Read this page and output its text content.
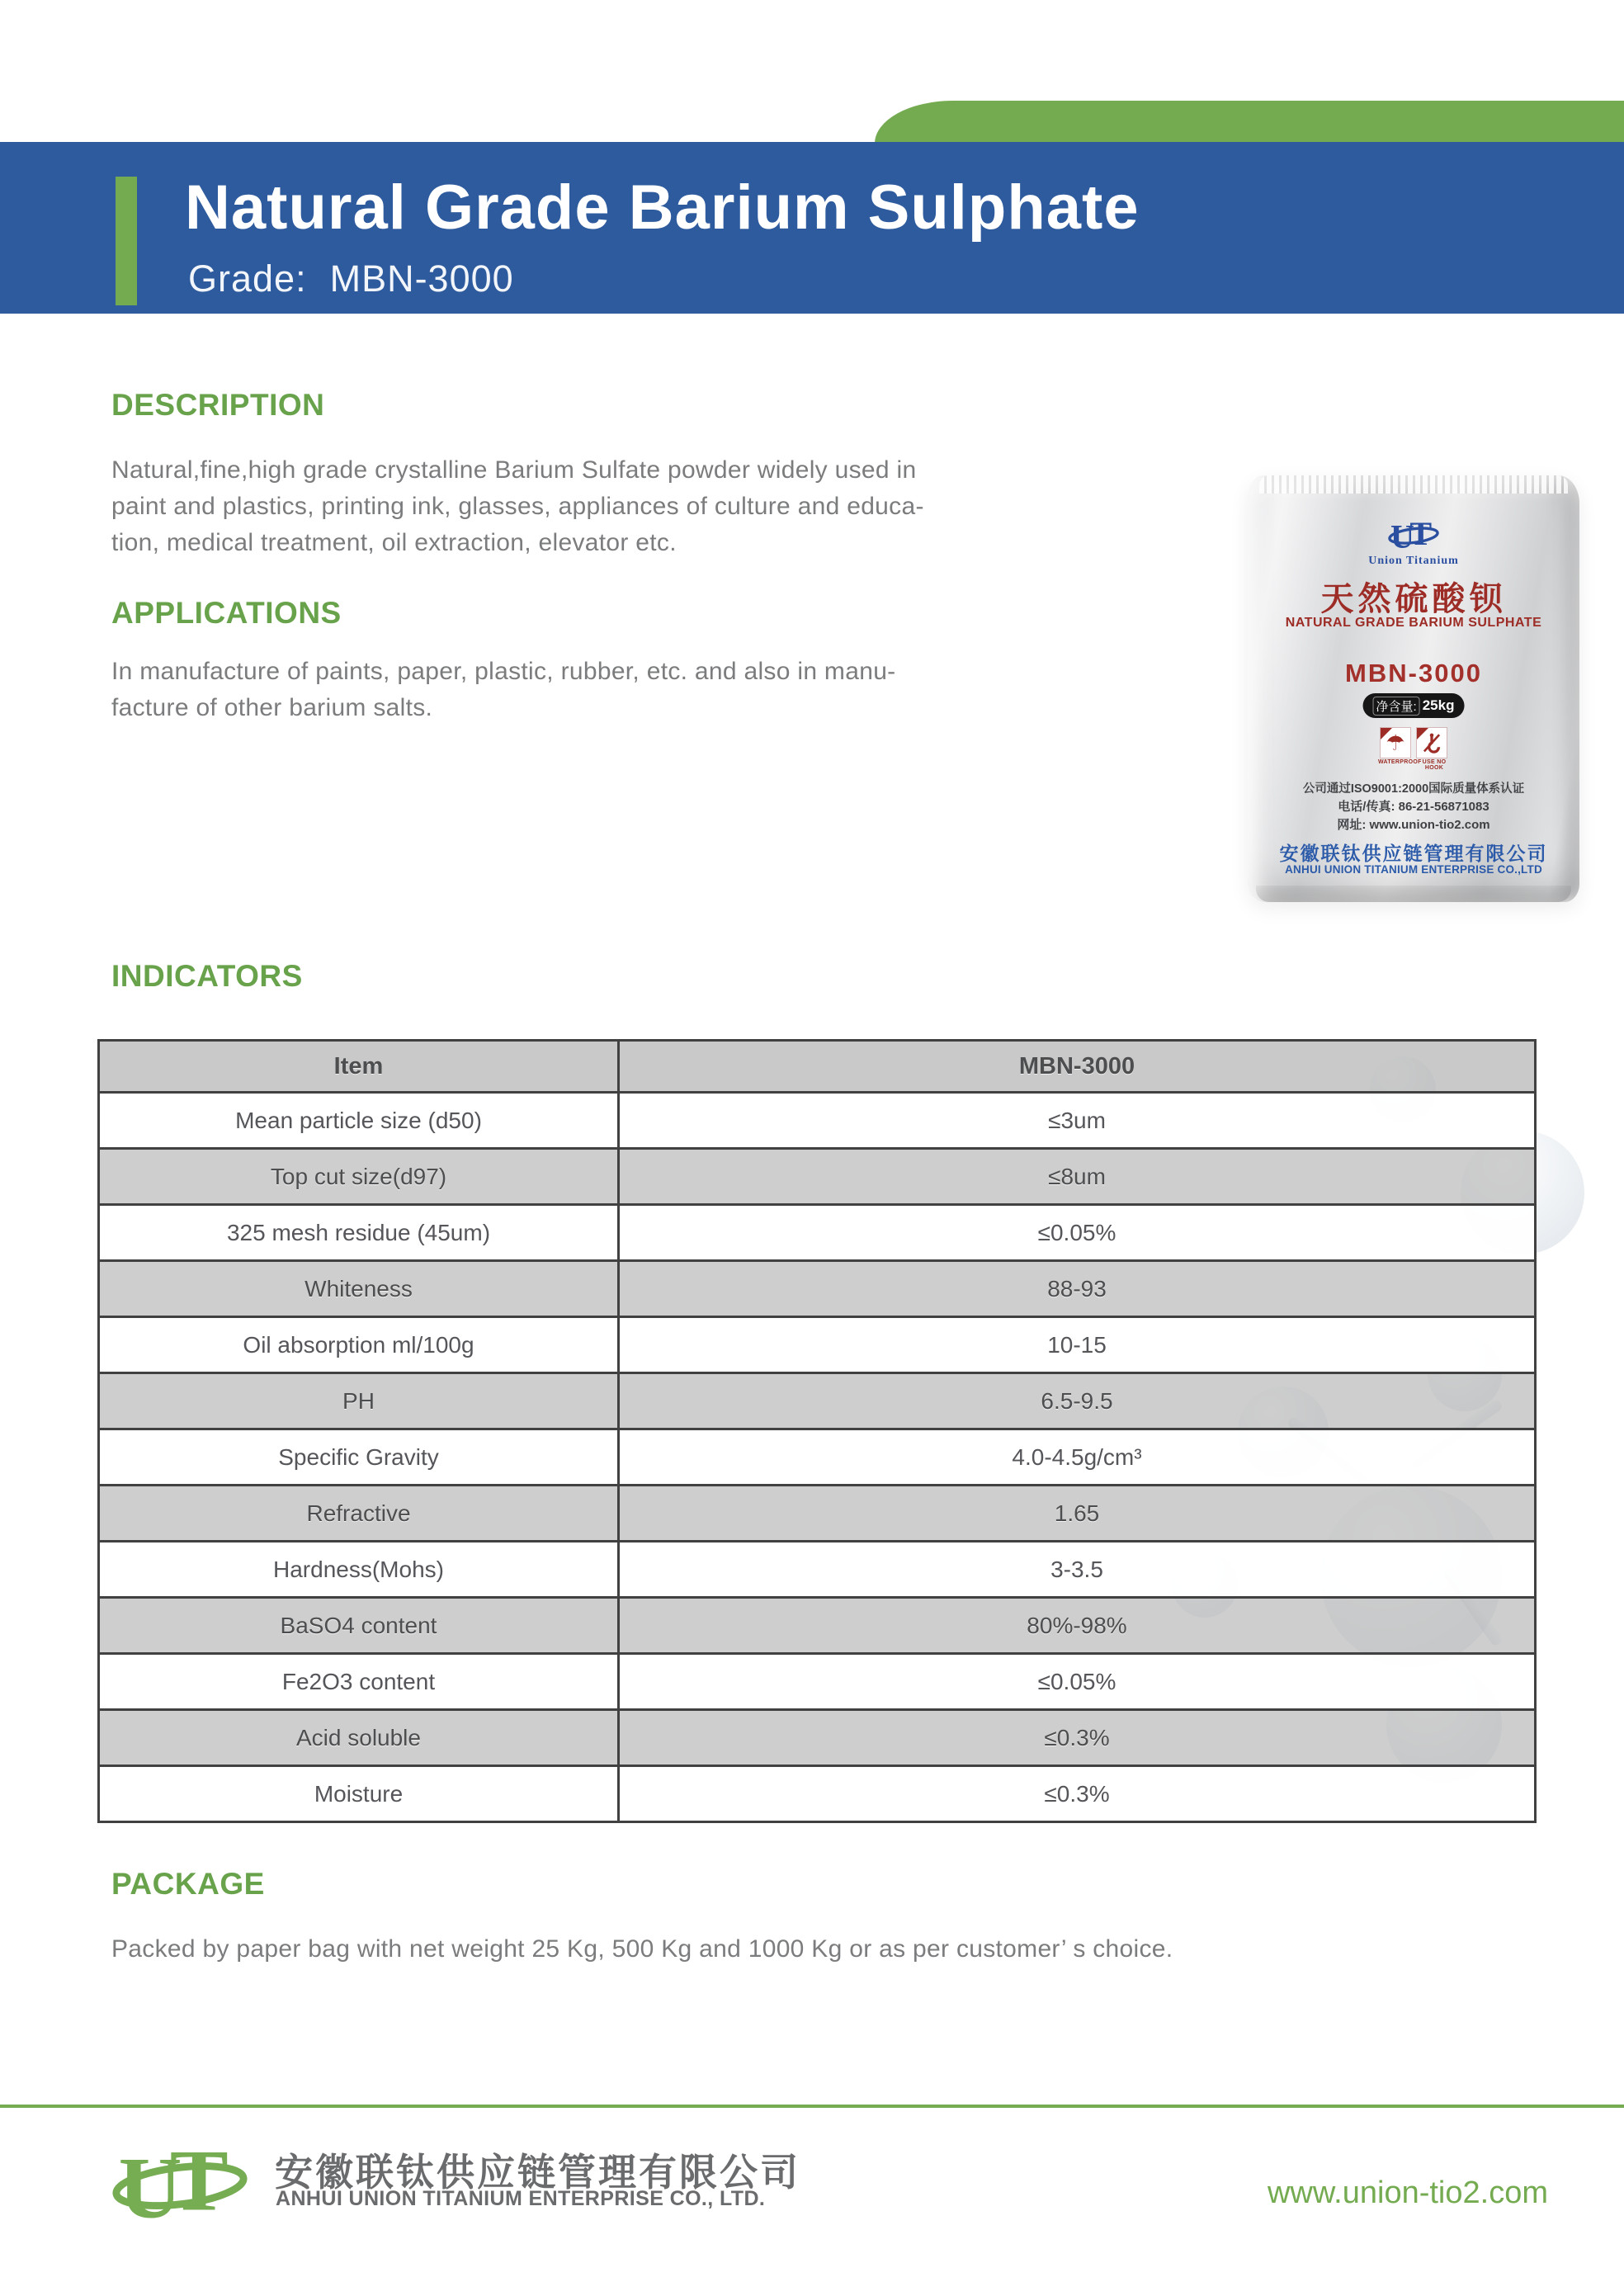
Natural Grade Barium Sulphate
Grade: MBN-3000
DESCRIPTION
Natural,fine,high grade crystalline Barium Sulfate powder widely used in
paint and plastics, printing ink, glasses, appliances of culture and educa-
tion, medical treatment, oil extraction, elevator etc.
APPLICATIONS
In manufacture of paints, paper, plastic, rubber, etc. and also in manu-
facture of other barium salts.
U
T
Union Titanium
天然硫酸钡
NATURAL GRADE BARIUM SULPHATE
MBN-3000
净含量: 25kg
☂
WATERPROOF USE NO HOOK
公司通过ISO9001:2000国际质量体系认证
电话/传真: 86-21-56871083
网址: www.union-tio2.com
安徽联钛供应链管理有限公司
ANHUI UNION TITANIUM ENTERPRISE CO.,LTD
INDICATORS
Item	MBN-3000
Mean particle size (d50)	≤3um
Top cut size(d97)	≤8um
325 mesh residue (45um)	≤0.05%
Whiteness	88-93
Oil absorption ml/100g	10-15
PH	6.5-9.5
Specific Gravity	4.0-4.5g/cm³
Refractive	1.65
Hardness(Mohs)	3-3.5
BaSO4 content	80%-98%
Fe2O3 content	≤0.05%
Acid soluble	≤0.3%
Moisture	≤0.3%
PACKAGE
Packed by paper bag with net weight 25 Kg, 500 Kg and 1000 Kg or as per customer’ s choice.
U
T 安徽联钛供应链管理有限公司
ANHUI UNION TITANIUM ENTERPRISE CO., LTD.	www.union-tio2.com
